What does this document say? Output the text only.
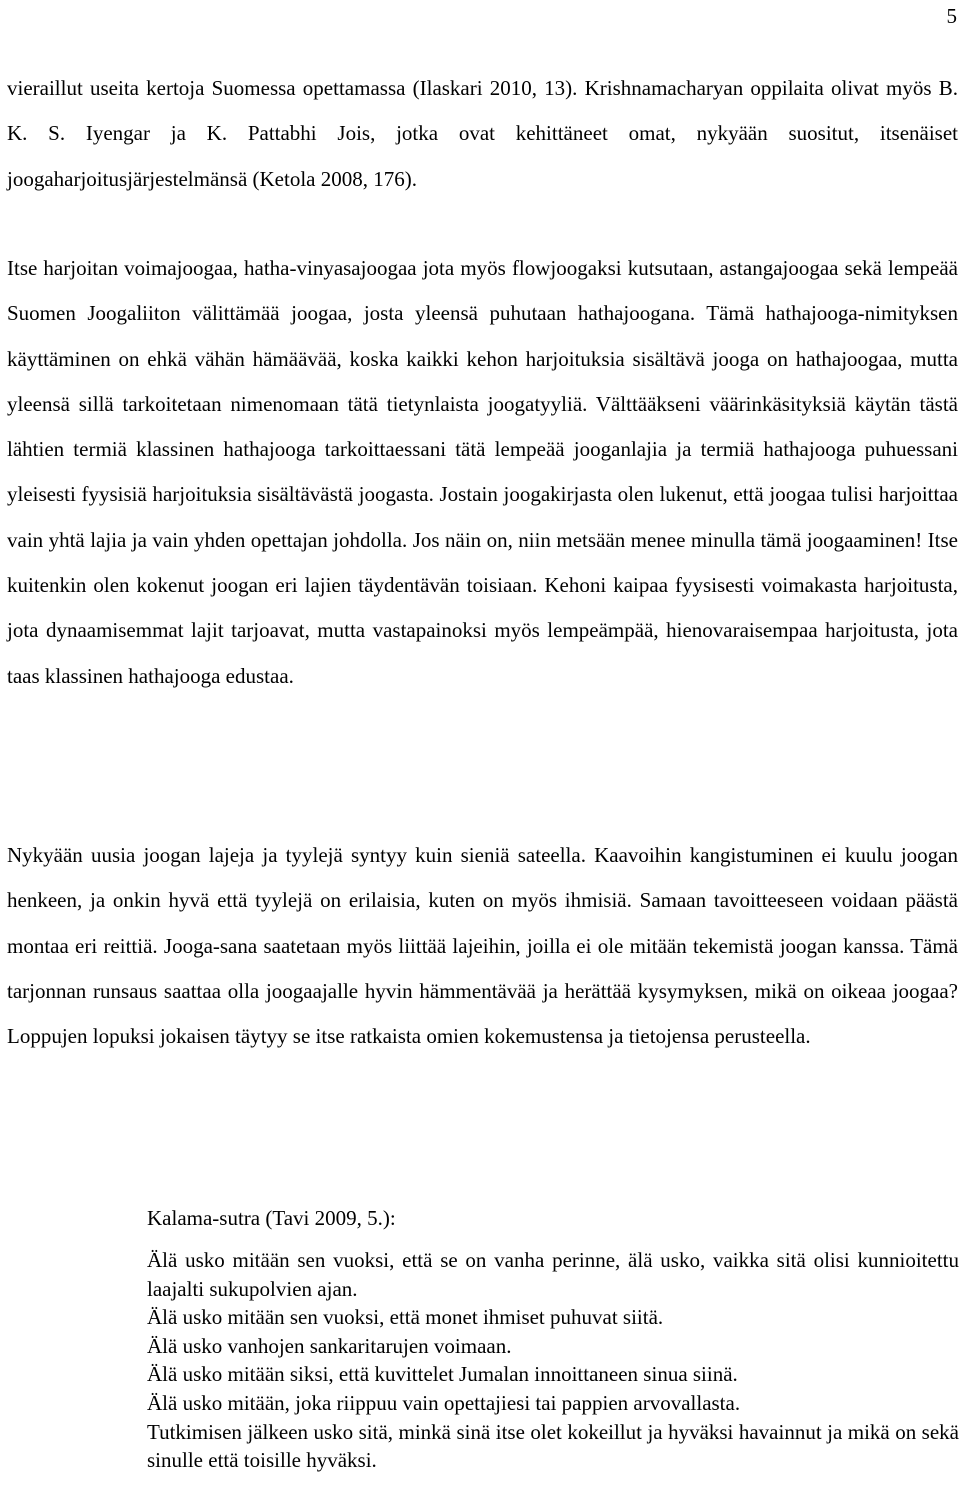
5

vieraillut useita kertoja Suomessa opettamassa (Ilaskari 2010, 13). Krishnamacharyan oppilaita olivat myös B. K. S. Iyengar ja K. Pattabhi Jois, jotka ovat kehittäneet omat, nykyään suositut, itsenäiset joogaharjoitusjärjestelmänsä (Ketola 2008, 176).

Itse harjoitan voimajoogaa, hatha-vinyasajoogaa jota myös flowjoogaksi kutsutaan, astangajoogaa sekä lempeää Suomen Joogaliiton välittämää joogaa, josta yleensä puhutaan hathajoogana. Tämä hathajooga-nimityksen käyttäminen on ehkä vähän hämäävää, koska kaikki kehon harjoituksia sisältävä jooga on hathajoogaa, mutta yleensä sillä tarkoitetaan nimenomaan tätä tietynlaista joogatyyliä. Välttääkseni väärinkäsityksiä käytän tästä lähtien termiä klassinen hathajooga tarkoittaessani tätä lempeää jooganlajia ja termiä hathajooga puhuessani yleisesti fyysisiä harjoituksia sisältävästä joogasta. Jostain joogakirjasta olen lukenut, että joogaa tulisi harjoittaa vain yhtä lajia ja vain yhden opettajan johdolla. Jos näin on, niin metsään menee minulla tämä joogaaminen! Itse kuitenkin olen kokenut joogan eri lajien täydentävän toisiaan. Kehoni kaipaa fyysisesti voimakasta harjoitusta, jota dynaamisemmat lajit tarjoavat, mutta vastapainoksi myös lempeämpää, hienovaraisempaa harjoitusta, jota taas klassinen hathajooga edustaa.

Nykyään uusia joogan lajeja ja tyylejä syntyy kuin sieniä sateella. Kaavoihin kangistuminen ei kuulu joogan henkeen, ja onkin hyvä että tyylejä on erilaisia, kuten on myös ihmisiä. Samaan tavoitteeseen voidaan päästä montaa eri reittiä. Jooga-sana saatetaan myös liittää lajeihin, joilla ei ole mitään tekemistä joogan kanssa. Tämä tarjonnan runsaus saattaa olla joogaajalle hyvin hämmentävää ja herättää kysymyksen, mikä on oikeaa joogaa? Loppujen lopuksi jokaisen täytyy se itse ratkaista omien kokemustensa ja tietojensa perusteella.

Kalama-sutra (Tavi 2009, 5.):

Älä usko mitään sen vuoksi, että se on vanha perinne, älä usko, vaikka sitä olisi kunnioitettu laajalti sukupolvien ajan.
Älä usko mitään sen vuoksi, että monet ihmiset puhuvat siitä.
Älä usko vanhojen sankaritarujen voimaan.
Älä usko mitään siksi, että kuvittelet Jumalan innoittaneen sinua siinä.
Älä usko mitään, joka riippuu vain opettajiesi tai pappien arvovallasta.
Tutkimisen jälkeen usko sitä, minkä sinä itse olet kokeillut ja hyväksi havainnut ja mikä on sekä sinulle että toisille hyväksi.
